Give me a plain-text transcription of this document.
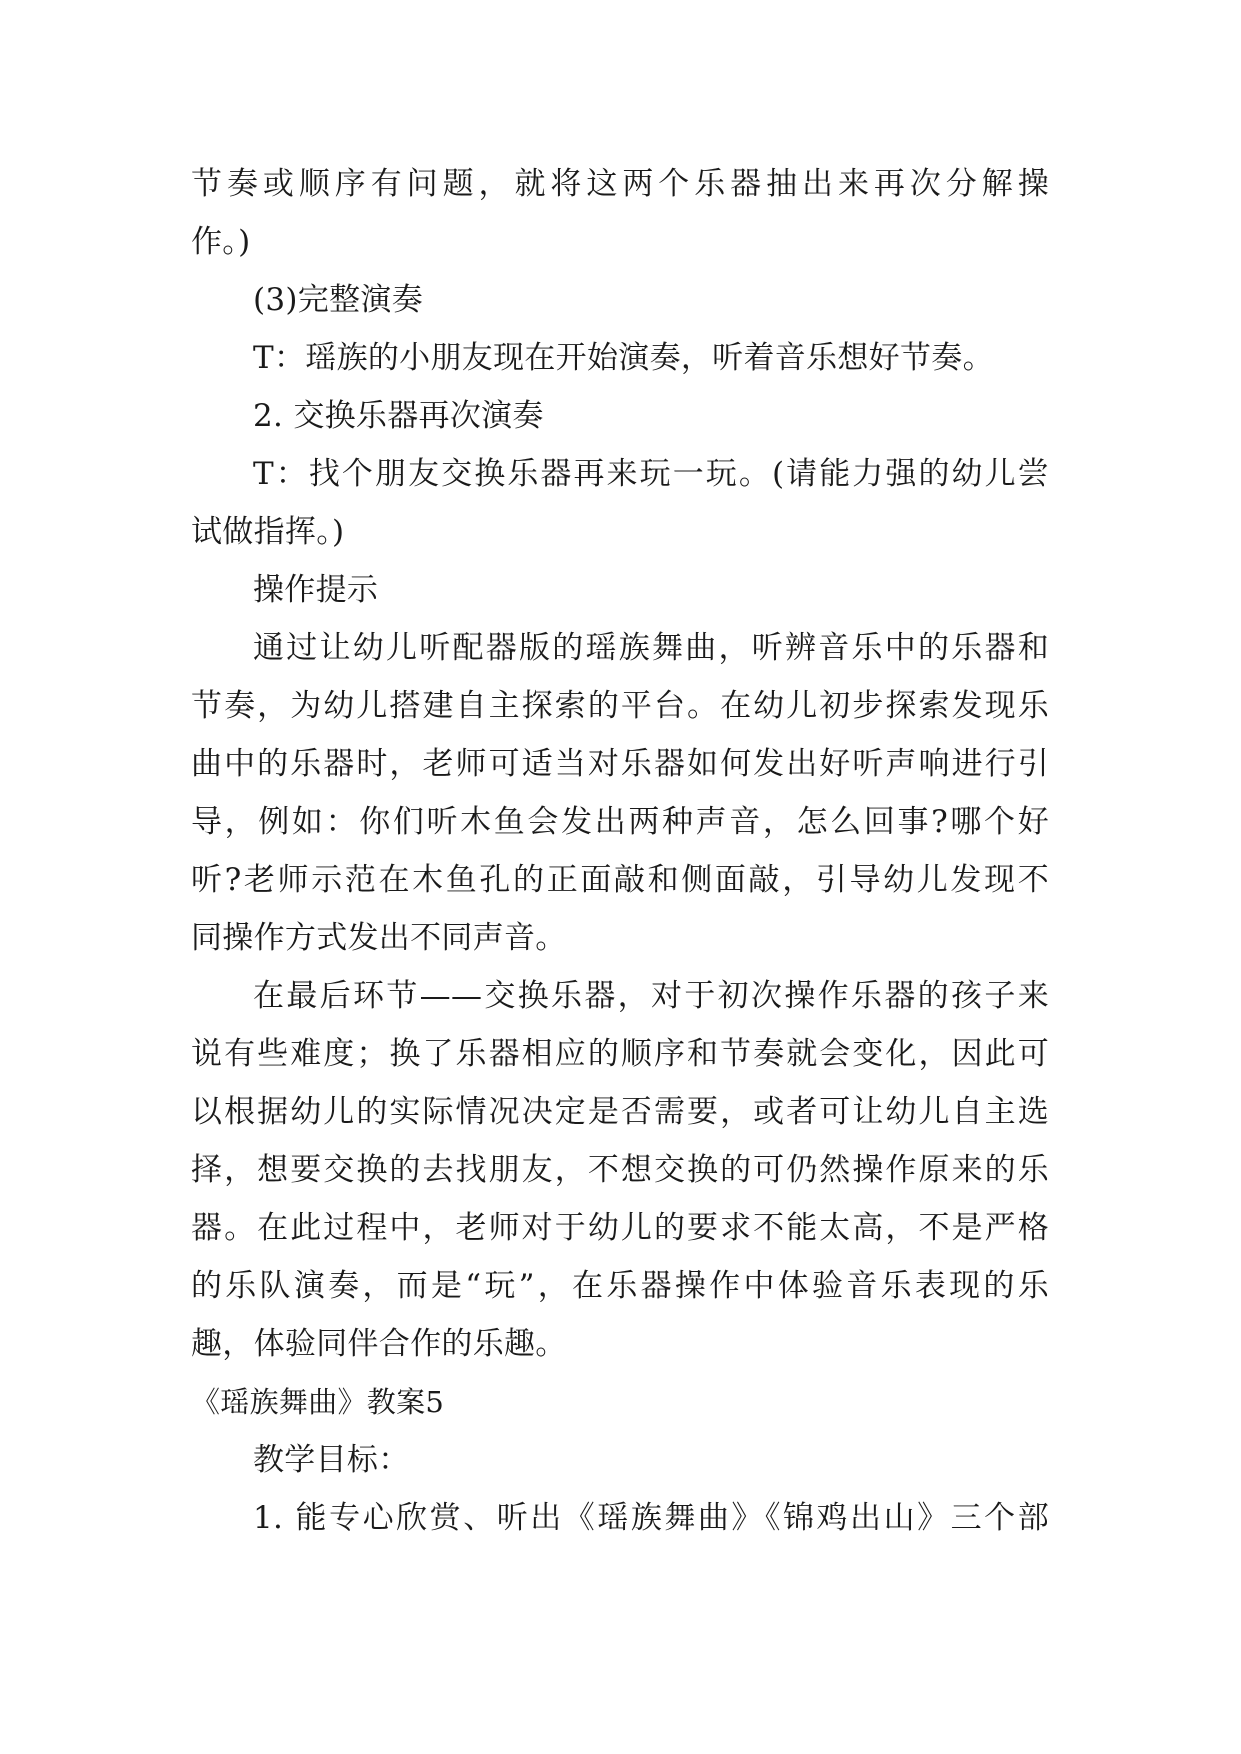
节奏或顺序有问题，就将这两个乐器抽出来再次分解操

作。)

(3)完整演奏

T：瑶族的小朋友现在开始演奏，听着音乐想好节奏。

2. 交换乐器再次演奏

T：找个朋友交换乐器再来玩一玩。(请能力强的幼儿尝

试做指挥。)

操作提示

通过让幼儿听配器版的瑶族舞曲，听辨音乐中的乐器和

节奏，为幼儿搭建自主探索的平台。在幼儿初步探索发现乐

曲中的乐器时，老师可适当对乐器如何发出好听声响进行引

导，例如：你们听木鱼会发出两种声音，怎么回事?哪个好

听?老师示范在木鱼孔的正面敲和侧面敲，引导幼儿发现不

同操作方式发出不同声音。

在最后环节——交换乐器，对于初次操作乐器的孩子来

说有些难度；换了乐器相应的顺序和节奏就会变化，因此可

以根据幼儿的实际情况决定是否需要，或者可让幼儿自主选

择，想要交换的去找朋友，不想交换的可仍然操作原来的乐

器。在此过程中，老师对于幼儿的要求不能太高，不是严格

的乐队演奏，而是“玩”，在乐器操作中体验音乐表现的乐

趣，体验同伴合作的乐趣。

《瑶族舞曲》教案5

教学目标：

1. 能专心欣赏、听出《瑶族舞曲》《锦鸡出山》三个部
